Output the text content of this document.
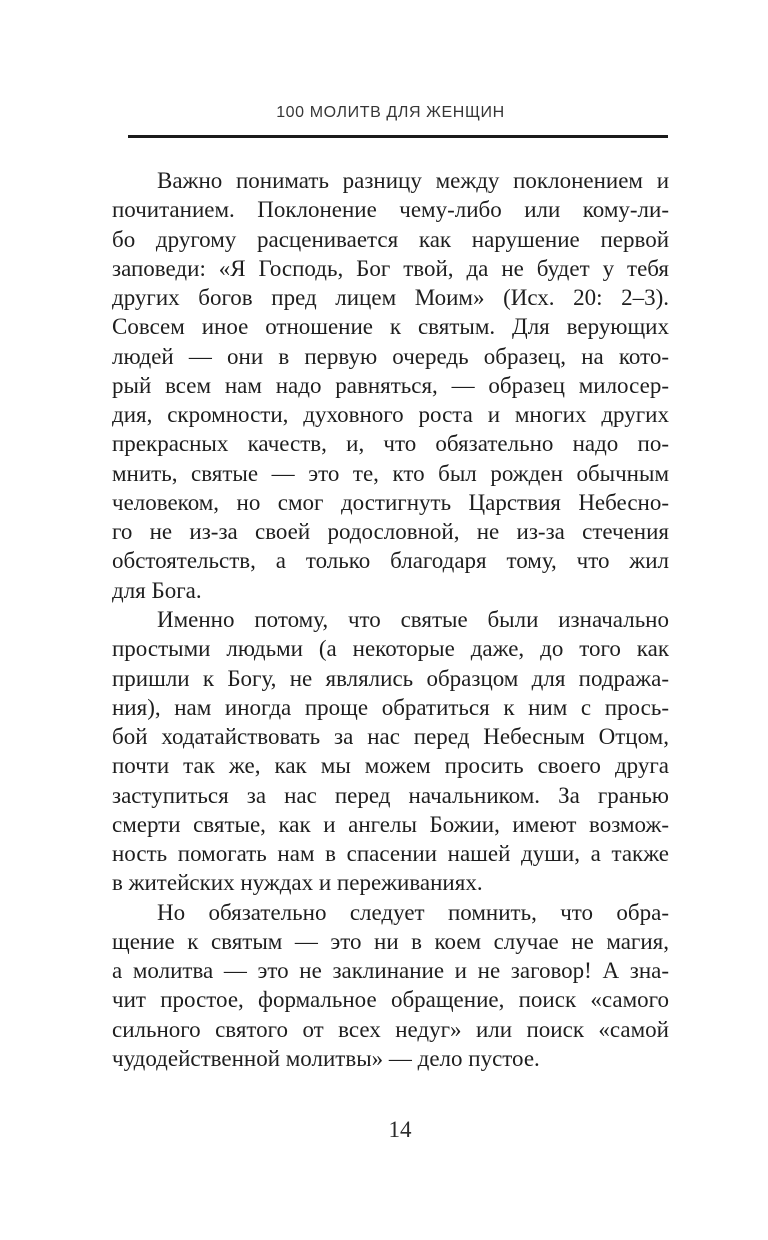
100 МОЛИТВ ДЛЯ ЖЕНЩИН
Важно понимать разницу между поклонением и
почитанием. Поклонение чему-либо или кому-ли-
бо другому расценивается как нарушение первой
заповеди: «Я Господь, Бог твой, да не будет у тебя
других богов пред лицем Моим» (Исх. 20: 2–3).
Совсем иное отношение к святым. Для верующих
людей — они в первую очередь образец, на кото-
рый всем нам надо равняться, — образец милосер-
дия, скромности, духовного роста и многих других
прекрасных качеств, и, что обязательно надо по-
мнить, святые — это те, кто был рожден обычным
человеком, но смог достигнуть Царствия Небесно-
го не из-за своей родословной, не из-за стечения
обстоятельств, а только благодаря тому, что жил
для Бога.
Именно потому, что святые были изначально
простыми людьми (а некоторые даже, до того как
пришли к Богу, не являлись образцом для подража-
ния), нам иногда проще обратиться к ним с прось-
бой ходатайствовать за нас перед Небесным Отцом,
почти так же, как мы можем просить своего друга
заступиться за нас перед начальником. За гранью
смерти святые, как и ангелы Божии, имеют возмож-
ность помогать нам в спасении нашей души, а также
в житейских нуждах и переживаниях.
Но обязательно следует помнить, что обра-
щение к святым — это ни в коем случае не магия,
а молитва — это не заклинание и не заговор! А зна-
чит простое, формальное обращение, поиск «самого
сильного святого от всех недуг» или поиск «самой
чудодейственной молитвы» — дело пустое.
14
